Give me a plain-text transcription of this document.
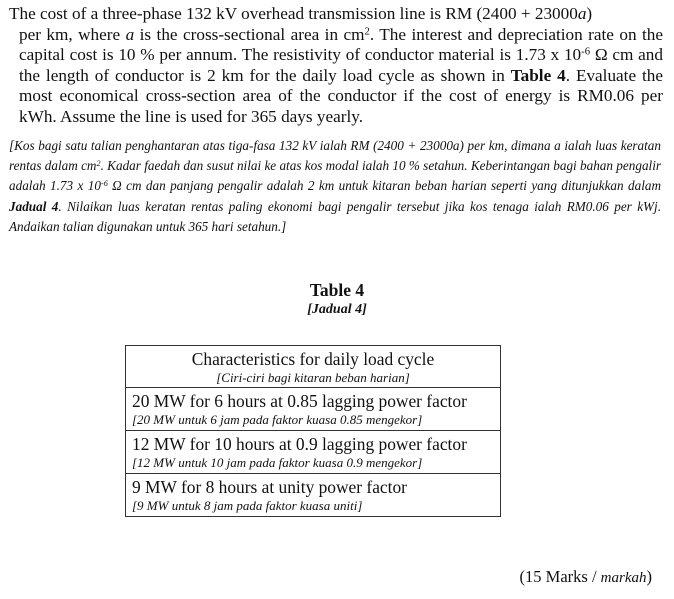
The cost of a three-phase 132 kV overhead transmission line is RM (2400 + 23000a)
per km, where a is the cross-sectional area in $cm^2$. The interest and depreciation rate on the capital cost is 10 % per annum. The resistivity of conductor material is 1.73 x $10^{-6}$ Ω cm and the length of conductor is 2 km for the daily load cycle as shown in Table 4. Evaluate the most economical cross-section area of the conductor if the cost of energy is RM0.06 per kWh. Assume the line is used for 365 days yearly.
[Kos bagi satu talian penghantaran atas tiga-fasa 132 kV ialah RM (2400 + 23000a) per km, dimana a ialah luas keratan rentas dalam $cm^2$. Kadar faedah dan susut nilai ke atas kos modal ialah 10 % setahun. Keberintangan bagi bahan pengalir adalah 1.73 x $10^{-6}$ Ω cm dan panjang pengalir adalah 2 km untuk kitaran beban harian seperti yang ditunjukkan dalam Jadual 4. Nilaikan luas keratan rentas paling ekonomi bagi pengalir tersebut jika kos tenaga ialah RM0.06 per kWj. Andaikan talian digunakan untuk 365 hari setahun.]
Table 4
[Jadual 4]
Characteristics for daily load cycle
[Ciri-ciri bagi kitaran beban harian]

20 MW for 6 hours at 0.85 lagging power factor
[20 MW untuk 6 jam pada faktor kuasa 0.85 mengekor]

12 MW for 10 hours at 0.9 lagging power factor
[12 MW untuk 10 jam pada faktor kuasa 0.9 mengekor]

9 MW for 8 hours at unity power factor
[9 MW untuk 8 jam pada faktor kuasa uniti]
(15 Marks / markah)
